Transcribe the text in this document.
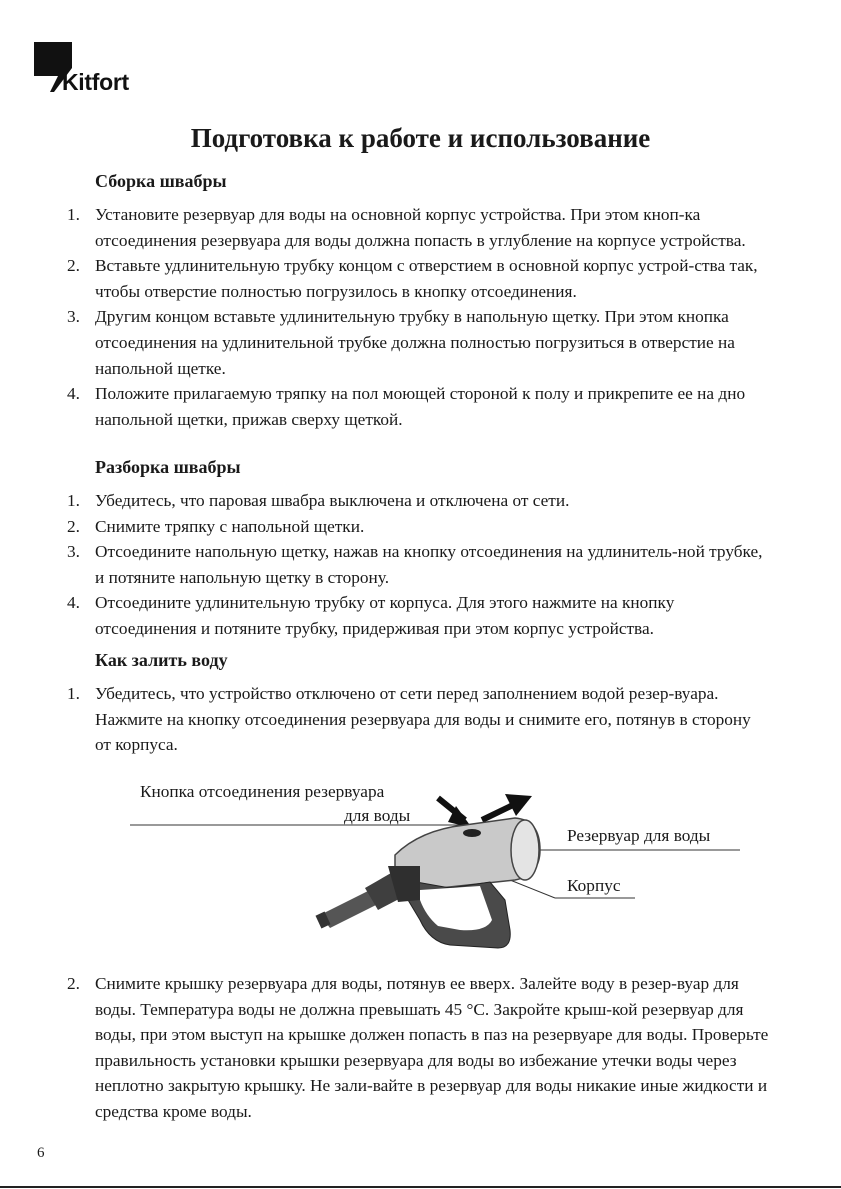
Kitfort
Подготовка к работе и использование
Сборка швабры
1. Установите резервуар для воды на основной корпус устройства. При этом кноп-ка отсоединения резервуара для воды должна попасть в углубление на корпусе устройства.
2. Вставьте удлинительную трубку концом с отверстием в основной корпус устрой-ства так, чтобы отверстие полностью погрузилось в кнопку отсоединения.
3. Другим концом вставьте удлинительную трубку в напольную щетку. При этом кнопка отсоединения на удлинительной трубке должна полностью погрузиться в отверстие на напольной щетке.
4. Положите прилагаемую тряпку на пол моющей стороной к полу и прикрепите ее на дно напольной щетки, прижав сверху щеткой.
Разборка швабры
1. Убедитесь, что паровая швабра выключена и отключена от сети.
2. Снимите тряпку с напольной щетки.
3. Отсоедините напольную щетку, нажав на кнопку отсоединения на удлинитель-ной трубке, и потяните напольную щетку в сторону.
4. Отсоедините удлинительную трубку от корпуса. Для этого нажмите на кнопку отсоединения и потяните трубку, придерживая при этом корпус устройства.
Как залить воду
1. Убедитесь, что устройство отключено от сети перед заполнением водой резер-вуара. Нажмите на кнопку отсоединения резервуара для воды и снимите его, потянув в сторону от корпуса.
Кнопка отсоединения резервуара
для воды
Резервуар для воды
Корпус
2. Снимите крышку резервуара для воды, потянув ее вверх. Залейте воду в резер-вуар для воды. Температура воды не должна превышать 45 °С. Закройте крыш-кой резервуар для воды, при этом выступ на крышке должен попасть в паз на резервуаре для воды. Проверьте правильность установки крышки резервуара для воды во избежание утечки воды через неплотно закрытую крышку. Не зали-вайте в резервуар для воды никакие иные жидкости и средства кроме воды.
6
